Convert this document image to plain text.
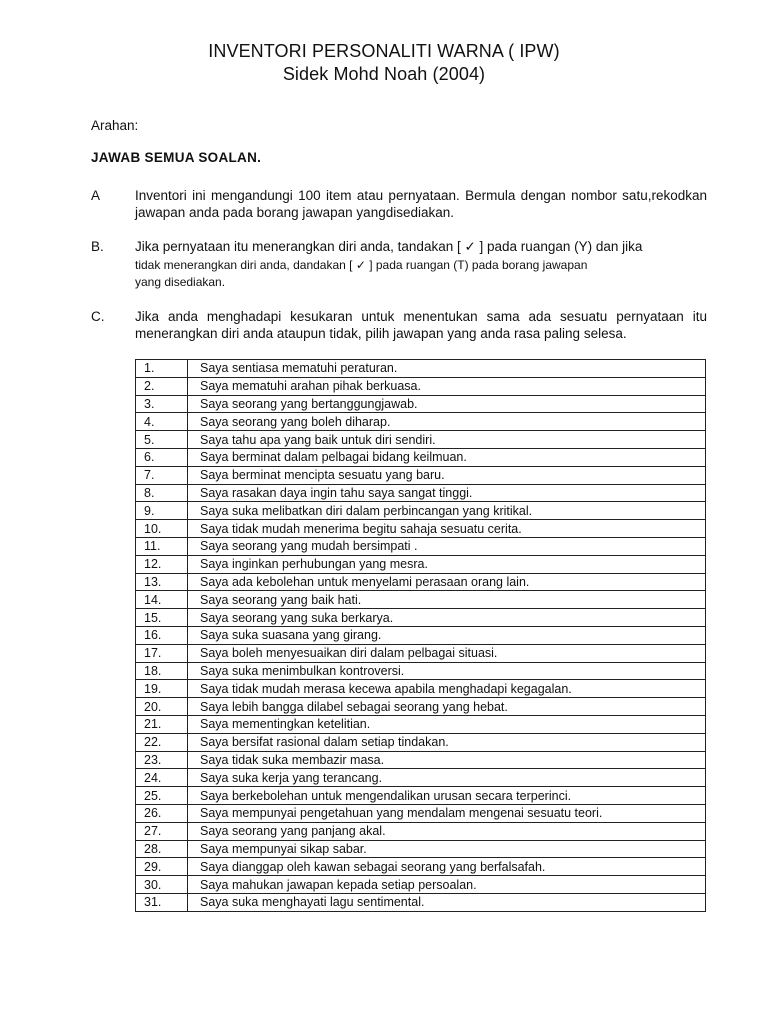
INVENTORI PERSONALITI WARNA ( IPW)
Sidek Mohd Noah (2004)
Arahan:
JAWAB SEMUA SOALAN.
A	Inventori ini mengandungi 100 item atau pernyataan. Bermula dengan nombor satu,rekodkan jawapan anda pada borang jawapan yangdisediakan.
B. Jika pernyataan itu menerangkan diri anda, tandakan [ ✓ ] pada ruangan (Y) dan jika
tidak menerangkan diri anda, dandakan [ ✓ ] pada ruangan (T) pada borang jawapan
yang disediakan.
C. Jika anda menghadapi kesukaran untuk menentukan sama ada sesuatu pernyataan itu menerangkan diri anda ataupun tidak, pilih jawapan yang anda rasa paling selesa.
1.	Saya sentiasa mematuhi peraturan.
2.	Saya mematuhi arahan pihak berkuasa.
3.	Saya seorang yang bertanggungjawab.
4.	Saya seorang yang boleh diharap.
5.	Saya tahu apa yang baik untuk diri sendiri.
6.	Saya berminat dalam pelbagai bidang keilmuan.
7.	Saya berminat mencipta sesuatu yang baru.
8.	Saya rasakan daya ingin tahu saya sangat tinggi.
9.	Saya suka melibatkan diri dalam perbincangan yang kritikal.
10.	Saya tidak mudah menerima begitu sahaja sesuatu cerita.
11.	Saya seorang yang mudah bersimpati .
12.	Saya inginkan perhubungan yang mesra.
13.	Saya ada kebolehan untuk menyelami perasaan orang lain.
14.	Saya seorang yang baik hati.
15.	Saya seorang yang suka berkarya.
16.	Saya suka suasana yang girang.
17.	Saya boleh menyesuaikan diri dalam pelbagai situasi.
18.	Saya suka menimbulkan kontroversi.
19.	Saya tidak mudah merasa kecewa apabila menghadapi kegagalan.
20.	Saya lebih bangga dilabel sebagai seorang yang hebat.
21.	Saya mementingkan ketelitian.
22.	Saya bersifat rasional dalam setiap tindakan.
23.	Saya tidak suka membazir masa.
24.	Saya suka kerja yang terancang.
25.	Saya berkebolehan untuk mengendalikan urusan secara terperinci.
26.	Saya mempunyai pengetahuan yang mendalam mengenai sesuatu teori.
27.	Saya seorang yang panjang akal.
28.	Saya mempunyai sikap sabar.
29.	Saya dianggap oleh kawan sebagai seorang yang berfalsafah.
30.	Saya mahukan jawapan kepada setiap persoalan.
31.	Saya suka menghayati lagu sentimental.
